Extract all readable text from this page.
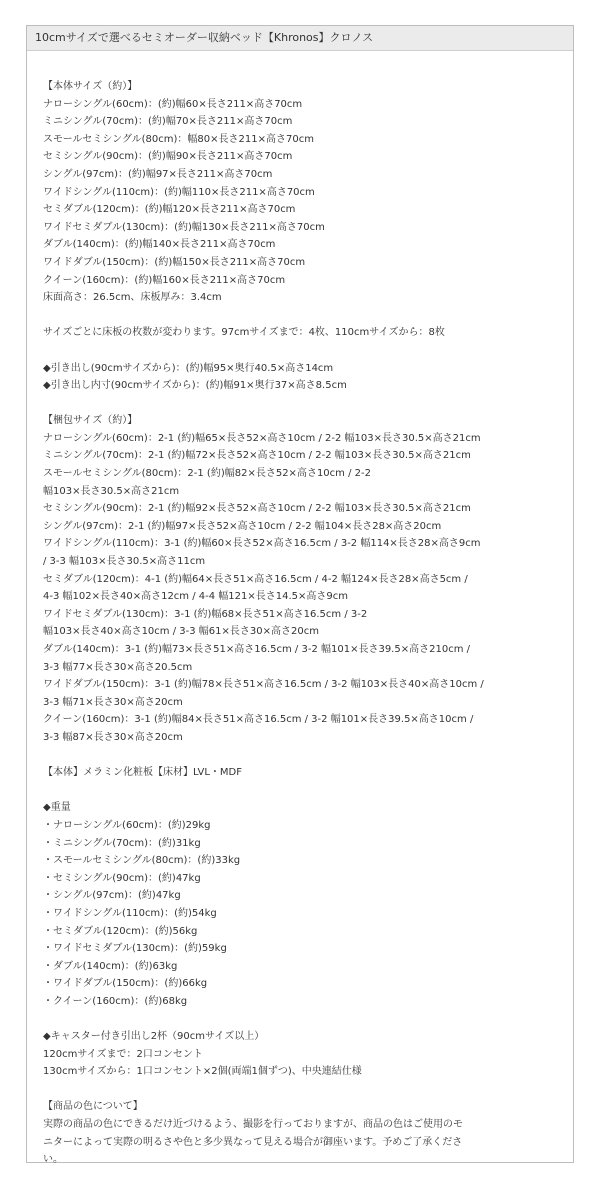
10cmサイズで選べるセミオーダー収納ベッド【Khronos】クロノス
【本体サイズ（約）】
ナローシングル(60cm)：(約)幅60×長さ211×高さ70cm
ミニシングル(70cm)：(約)幅70×長さ211×高さ70cm
スモールセミシングル(80cm)：幅80×長さ211×高さ70cm
セミシングル(90cm)：(約)幅90×長さ211×高さ70cm
シングル(97cm)：(約)幅97×長さ211×高さ70cm
ワイドシングル(110cm)：(約)幅110×長さ211×高さ70cm
セミダブル(120cm)：(約)幅120×長さ211×高さ70cm
ワイドセミダブル(130cm)：(約)幅130×長さ211×高さ70cm
ダブル(140cm)：(約)幅140×長さ211×高さ70cm
ワイドダブル(150cm)：(約)幅150×長さ211×高さ70cm
クイーン(160cm)：(約)幅160×長さ211×高さ70cm
床面高さ：26.5cm、床板厚み：3.4cm
サイズごとに床板の枚数が変わります。97cmサイズまで：4枚、110cmサイズから：8枚
◆引き出し(90cmサイズから)：(約)幅95×奥行40.5×高さ14cm
◆引き出し内寸(90cmサイズから)：(約)幅91×奥行37×高さ8.5cm
【梱包サイズ（約）】
ナローシングル(60cm)：2-1 (約)幅65×長さ52×高さ10cm / 2-2 幅103×長さ30.5×高さ21cm
ミニシングル(70cm)：2-1 (約)幅72×長さ52×高さ10cm / 2-2 幅103×長さ30.5×高さ21cm
スモールセミシングル(80cm)：2-1 (約)幅82×長さ52×高さ10cm / 2-2
幅103×長さ30.5×高さ21cm
セミシングル(90cm)：2-1 (約)幅92×長さ52×高さ10cm / 2-2 幅103×長さ30.5×高さ21cm
シングル(97cm)：2-1 (約)幅97×長さ52×高さ10cm / 2-2 幅104×長さ28×高さ20cm
ワイドシングル(110cm)：3-1 (約)幅60×長さ52×高さ16.5cm / 3-2 幅114×長さ28×高さ9cm
/ 3-3 幅103×長さ30.5×高さ11cm
セミダブル(120cm)：4-1 (約)幅64×長さ51×高さ16.5cm / 4-2 幅124×長さ28×高さ5cm /
4-3 幅102×長さ40×高さ12cm / 4-4 幅121×長さ14.5×高さ9cm
ワイドセミダブル(130cm)：3-1 (約)幅68×長さ51×高さ16.5cm / 3-2
幅103×長さ40×高さ10cm / 3-3 幅61×長さ30×高さ20cm
ダブル(140cm)：3-1 (約)幅73×長さ51×高さ16.5cm / 3-2 幅101×長さ39.5×高さ210cm /
3-3 幅77×長さ30×高さ20.5cm
ワイドダブル(150cm)：3-1 (約)幅78×長さ51×高さ16.5cm / 3-2 幅103×長さ40×高さ10cm /
3-3 幅71×長さ30×高さ20cm
クイーン(160cm)：3-1 (約)幅84×長さ51×高さ16.5cm / 3-2 幅101×長さ39.5×高さ10cm /
3-3 幅87×長さ30×高さ20cm
【本体】メラミン化粧板【床材】LVL・MDF
◆重量
・ナローシングル(60cm)：(約)29kg
・ミニシングル(70cm)：(約)31kg
・スモールセミシングル(80cm)：(約)33kg
・セミシングル(90cm)：(約)47kg
・シングル(97cm)：(約)47kg
・ワイドシングル(110cm)：(約)54kg
・セミダブル(120cm)：(約)56kg
・ワイドセミダブル(130cm)：(約)59kg
・ダブル(140cm)：(約)63kg
・ワイドダブル(150cm)：(約)66kg
・クイーン(160cm)：(約)68kg
◆キャスター付き引出し2杯（90cmサイズ以上）
120cmサイズまで：2口コンセント
130cmサイズから：1口コンセント×2個(両端1個ずつ)、中央連結仕様
【商品の色について】
実際の商品の色にできるだけ近づけるよう、撮影を行っておりますが、商品の色はご使用のモ
ニターによって実際の明るさや色と多少異なって見える場合が御座います。予めご了承くださ
い。
